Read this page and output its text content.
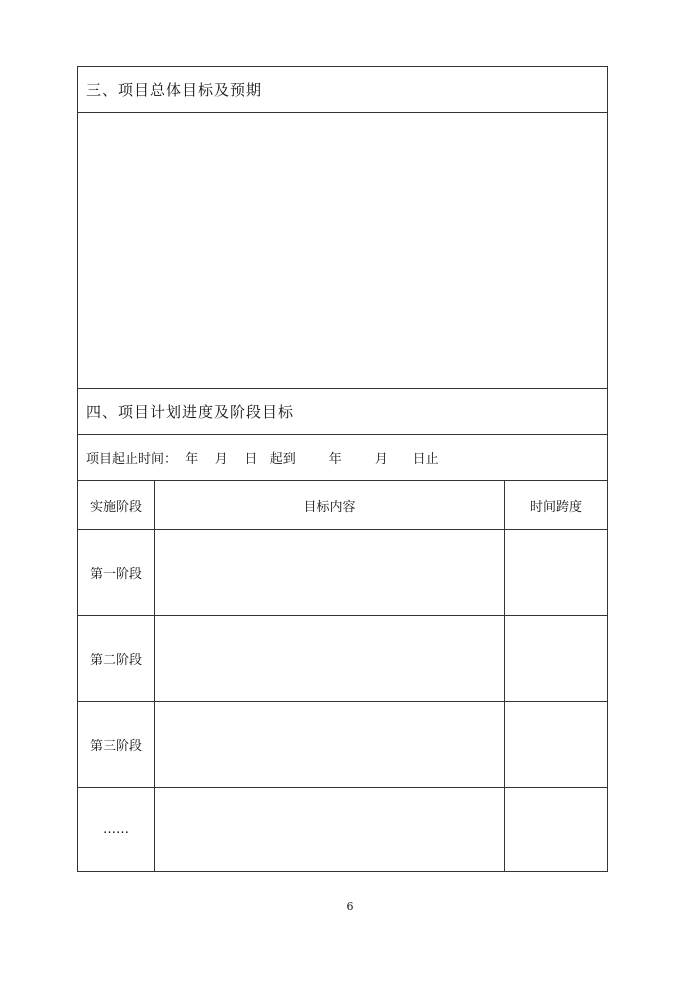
三、项目总体目标及预期
四、项目计划进度及阶段目标
项目起止时间：  年    月    日   起到        年        月      日止
实施阶段	目标内容	时间跨度
第一阶段
第二阶段
第三阶段
……
6
